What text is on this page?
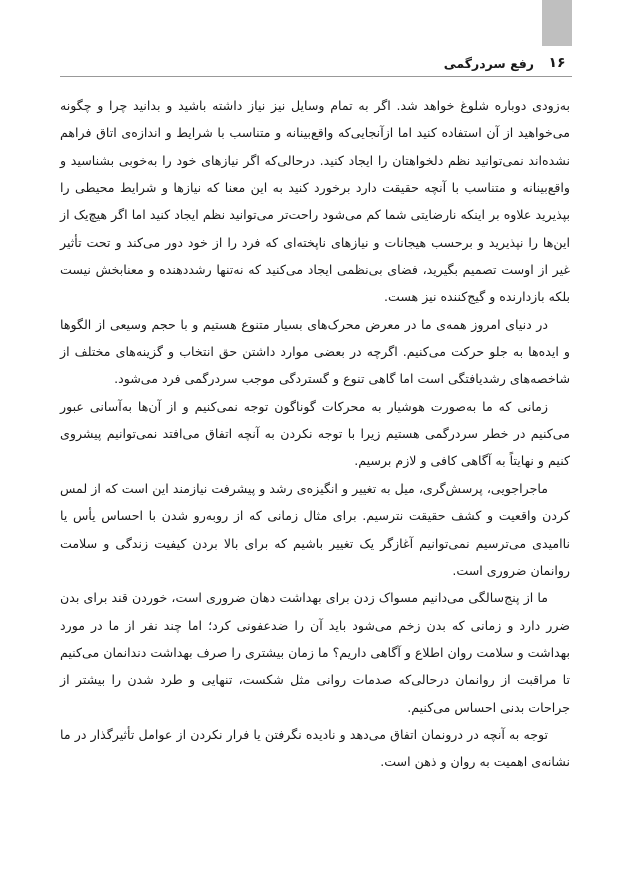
۱۶
رفع سردرگمی

به‌زودی دوباره شلوغ خواهد شد. اگر به تمام وسایل نیز نیاز داشته باشید و بدانید چرا و چگونه می‌خواهید از آن استفاده کنید اما ازآنجایی‌که واقع‌بینانه و متناسب با شرایط و اندازه‌ی اتاق فراهم نشده‌اند نمی‌توانید نظم دلخواهتان را ایجاد کنید. درحالی‌که اگر نیازهای خود را به‌خوبی بشناسید و واقع‌بینانه و متناسب با آنچه حقیقت دارد برخورد کنید به این معنا که نیازها و شرایط محیطی را بپذیرید علاوه بر اینکه نارضایتی شما کم می‌شود راحت‌تر می‌توانید نظم ایجاد کنید اما اگر هیچ‌یک از این‌ها را نپذیرید و برحسب هیجانات و نیازهای ناپخته‌ای که فرد را از خود دور می‌کند و تحت تأثیر غیر از اوست تصمیم بگیرید، فضای بی‌نظمی ایجاد می‌کنید که نه‌تنها رشددهنده و معنابخش نیست بلکه بازدارنده و گیج‌کننده نیز هست.

در دنیای امروز همه‌ی ما در معرض محرک‌های بسیار متنوع هستیم و با حجم وسیعی از الگوها و ایده‌ها به جلو حرکت می‌کنیم. اگرچه در بعضی موارد داشتن حق انتخاب و گزینه‌های مختلف از شاخصه‌های رشدیافتگی است اما گاهی تنوع و گستردگی موجب سردرگمی فرد می‌شود.

زمانی که ما به‌صورت هوشیار به محرکات گوناگون توجه نمی‌کنیم و از آن‌ها به‌آسانی عبور می‌کنیم در خطر سردرگمی هستیم زیرا با توجه نکردن به آنچه اتفاق می‌افتد نمی‌توانیم پیشروی کنیم و نهایتاً به آگاهی کافی و لازم برسیم.

ماجراجویی، پرسش‌گری، میل به تغییر و انگیزه‌ی رشد و پیشرفت نیازمند این است که از لمس کردن واقعیت و کشف حقیقت نترسیم. برای مثال زمانی که از روبه‌رو شدن با احساس یأس یا ناامیدی می‌ترسیم نمی‌توانیم آغازگر یک تغییر باشیم که برای بالا بردن کیفیت زندگی و سلامت روانمان ضروری است.

ما از پنج‌سالگی می‌دانیم مسواک زدن برای بهداشت دهان ضروری است، خوردن قند برای بدن ضرر دارد و زمانی که بدن زخم می‌شود باید آن را ضدعفونی کرد؛ اما چند نفر از ما در مورد بهداشت و سلامت روان اطلاع و آگاهی داریم؟ ما زمان بیشتری را صرف بهداشت دندانمان می‌کنیم تا مراقبت از روانمان درحالی‌که صدمات روانی مثل شکست، تنهایی و طرد شدن را بیشتر از جراحات بدنی احساس می‌کنیم.

توجه به آنچه در درونمان اتفاق می‌دهد و نادیده نگرفتن یا فرار نکردن از عوامل تأثیرگذار در ما نشانه‌ی اهمیت به روان و ذهن است.
